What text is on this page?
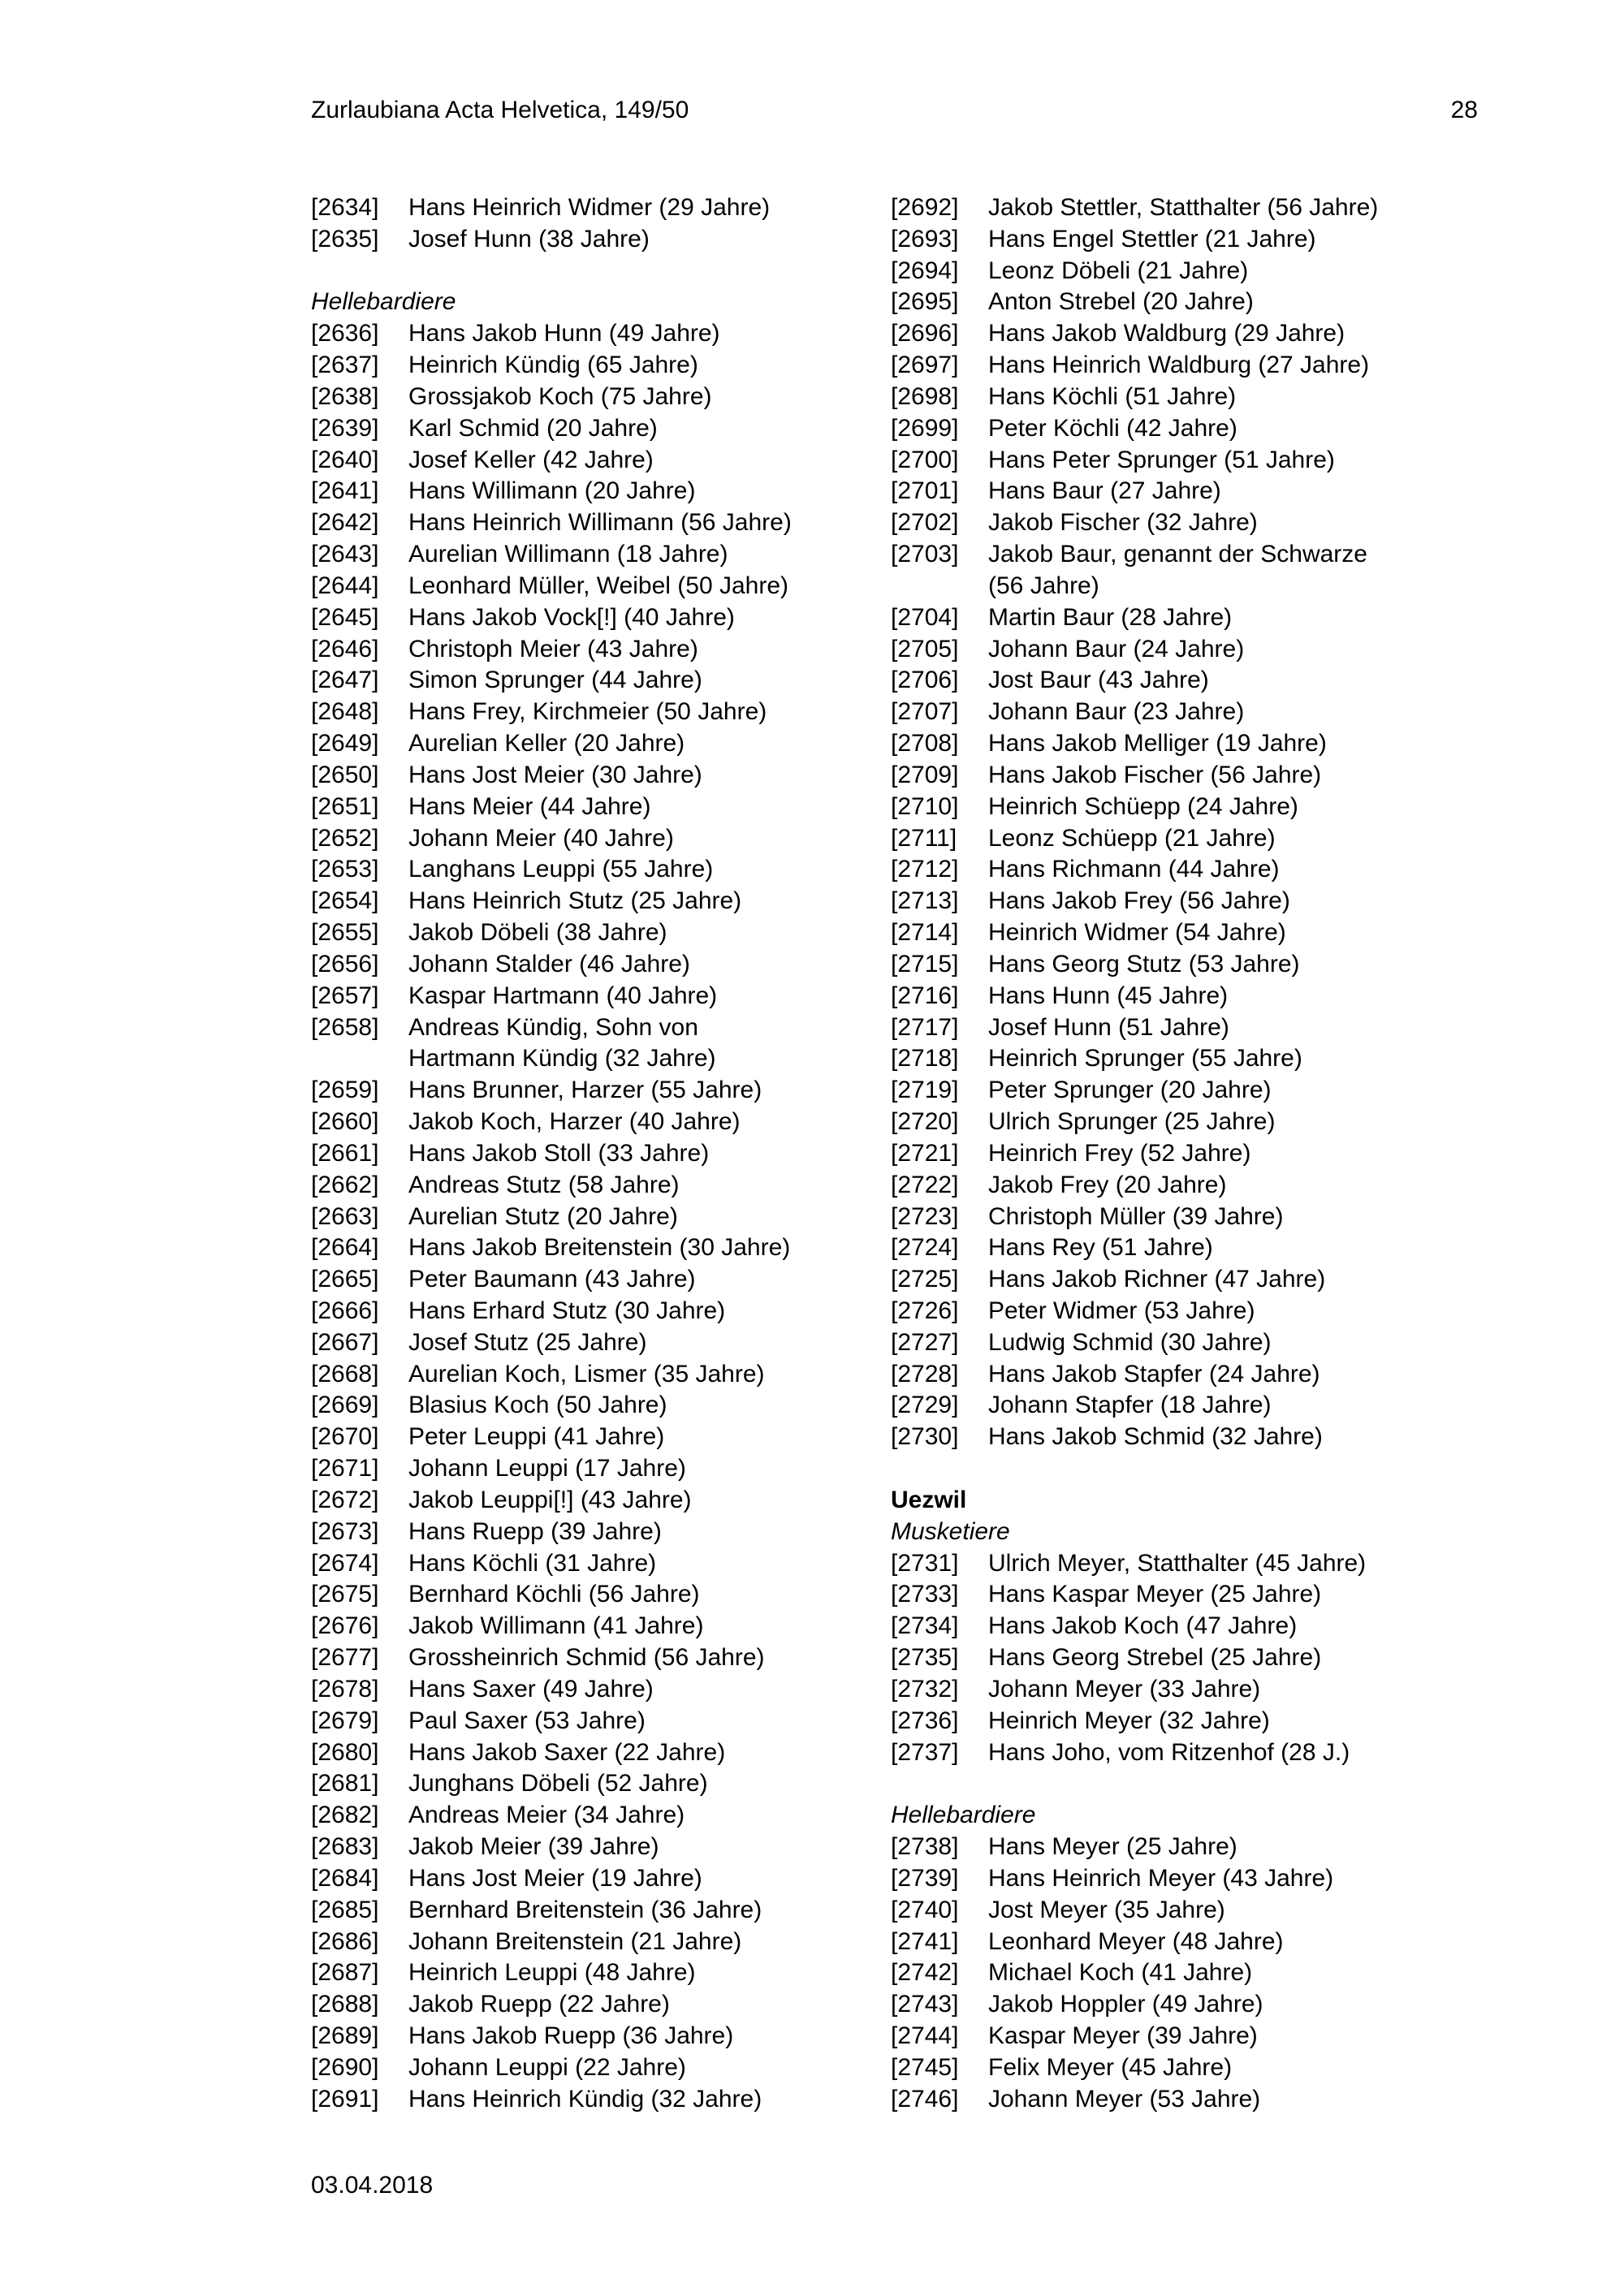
Zurlaubiana Acta Helvetica, 149/50	28
[2634] Hans Heinrich Widmer (29 Jahre)
[2635] Josef Hunn (38 Jahre)

Hellebardiere
[2636] Hans Jakob Hunn (49 Jahre)
[2637] Heinrich Kündig (65 Jahre)
[2638] Grossjakob Koch (75 Jahre)
[2639] Karl Schmid (20 Jahre)
[2640] Josef Keller (42 Jahre)
[2641] Hans Willimann (20 Jahre)
[2642] Hans Heinrich Willimann (56 Jahre)
[2643] Aurelian Willimann (18 Jahre)
[2644] Leonhard Müller, Weibel (50 Jahre)
[2645] Hans Jakob Vock[!] (40 Jahre)
[2646] Christoph Meier (43 Jahre)
[2647] Simon Sprunger (44 Jahre)
[2648] Hans Frey, Kirchmeier (50 Jahre)
[2649] Aurelian Keller (20 Jahre)
[2650] Hans Jost Meier (30 Jahre)
[2651] Hans Meier (44 Jahre)
[2652] Johann Meier (40 Jahre)
[2653] Langhans Leuppi (55 Jahre)
[2654] Hans Heinrich Stutz (25 Jahre)
[2655] Jakob Döbeli (38 Jahre)
[2656] Johann Stalder (46 Jahre)
[2657] Kaspar Hartmann (40 Jahre)
[2658] Andreas Kündig, Sohn von
Hartmann Kündig (32 Jahre)
[2659] Hans Brunner, Harzer (55 Jahre)
[2660] Jakob Koch, Harzer (40 Jahre)
[2661] Hans Jakob Stoll (33 Jahre)
[2662] Andreas Stutz (58 Jahre)
[2663] Aurelian Stutz (20 Jahre)
[2664] Hans Jakob Breitenstein (30 Jahre)
[2665] Peter Baumann (43 Jahre)
[2666] Hans Erhard Stutz (30 Jahre)
[2667] Josef Stutz (25 Jahre)
[2668] Aurelian Koch, Lismer (35 Jahre)
[2669] Blasius Koch (50 Jahre)
[2670] Peter Leuppi (41 Jahre)
[2671] Johann Leuppi (17 Jahre)
[2672] Jakob Leuppi[!] (43 Jahre)
[2673] Hans Ruepp (39 Jahre)
[2674] Hans Köchli (31 Jahre)
[2675] Bernhard Köchli (56 Jahre)
[2676] Jakob Willimann (41 Jahre)
[2677] Grossheinrich Schmid (56 Jahre)
[2678] Hans Saxer (49 Jahre)
[2679] Paul Saxer (53 Jahre)
[2680] Hans Jakob Saxer (22 Jahre)
[2681] Junghans Döbeli (52 Jahre)
[2682] Andreas Meier (34 Jahre)
[2683] Jakob Meier (39 Jahre)
[2684] Hans Jost Meier (19 Jahre)
[2685] Bernhard Breitenstein (36 Jahre)
[2686] Johann Breitenstein (21 Jahre)
[2687] Heinrich Leuppi (48 Jahre)
[2688] Jakob Ruepp (22 Jahre)
[2689] Hans Jakob Ruepp (36 Jahre)
[2690] Johann Leuppi (22 Jahre)
[2691] Hans Heinrich Kündig (32 Jahre)
[2692] Jakob Stettler, Statthalter (56 Jahre)
[2693] Hans Engel Stettler (21 Jahre)
[2694] Leonz Döbeli (21 Jahre)
[2695] Anton Strebel (20 Jahre)
[2696] Hans Jakob Waldburg (29 Jahre)
[2697] Hans Heinrich Waldburg (27 Jahre)
[2698] Hans Köchli (51 Jahre)
[2699] Peter Köchli (42 Jahre)
[2700] Hans Peter Sprunger (51 Jahre)
[2701] Hans Baur (27 Jahre)
[2702] Jakob Fischer (32 Jahre)
[2703] Jakob Baur, genannt der Schwarze
(56 Jahre)
[2704] Martin Baur (28 Jahre)
[2705] Johann Baur (24 Jahre)
[2706] Jost Baur (43 Jahre)
[2707] Johann Baur (23 Jahre)
[2708] Hans Jakob Melliger (19 Jahre)
[2709] Hans Jakob Fischer (56 Jahre)
[2710] Heinrich Schüepp (24 Jahre)
[2711] Leonz Schüepp (21 Jahre)
[2712] Hans Richmann (44 Jahre)
[2713] Hans Jakob Frey (56 Jahre)
[2714] Heinrich Widmer (54 Jahre)
[2715] Hans Georg Stutz (53 Jahre)
[2716] Hans Hunn (45 Jahre)
[2717] Josef Hunn (51 Jahre)
[2718] Heinrich Sprunger (55 Jahre)
[2719] Peter Sprunger (20 Jahre)
[2720] Ulrich Sprunger (25 Jahre)
[2721] Heinrich Frey (52 Jahre)
[2722] Jakob Frey (20 Jahre)
[2723] Christoph Müller (39 Jahre)
[2724] Hans Rey (51 Jahre)
[2725] Hans Jakob Richner (47 Jahre)
[2726] Peter Widmer (53 Jahre)
[2727] Ludwig Schmid (30 Jahre)
[2728] Hans Jakob Stapfer (24 Jahre)
[2729] Johann Stapfer (18 Jahre)
[2730] Hans Jakob Schmid (32 Jahre)

Uezwil
Musketiere
[2731] Ulrich Meyer, Statthalter (45 Jahre)
[2733] Hans Kaspar Meyer (25 Jahre)
[2734] Hans Jakob Koch (47 Jahre)
[2735] Hans Georg Strebel (25 Jahre)
[2732] Johann Meyer (33 Jahre)
[2736] Heinrich Meyer (32 Jahre)
[2737] Hans Joho, vom Ritzenhof (28 J.)

Hellebardiere
[2738] Hans Meyer (25 Jahre)
[2739] Hans Heinrich Meyer (43 Jahre)
[2740] Jost Meyer (35 Jahre)
[2741] Leonhard Meyer (48 Jahre)
[2742] Michael Koch (41 Jahre)
[2743] Jakob Hoppler (49 Jahre)
[2744] Kaspar Meyer (39 Jahre)
[2745] Felix Meyer (45 Jahre)
[2746] Johann Meyer (53 Jahre)
03.04.2018
